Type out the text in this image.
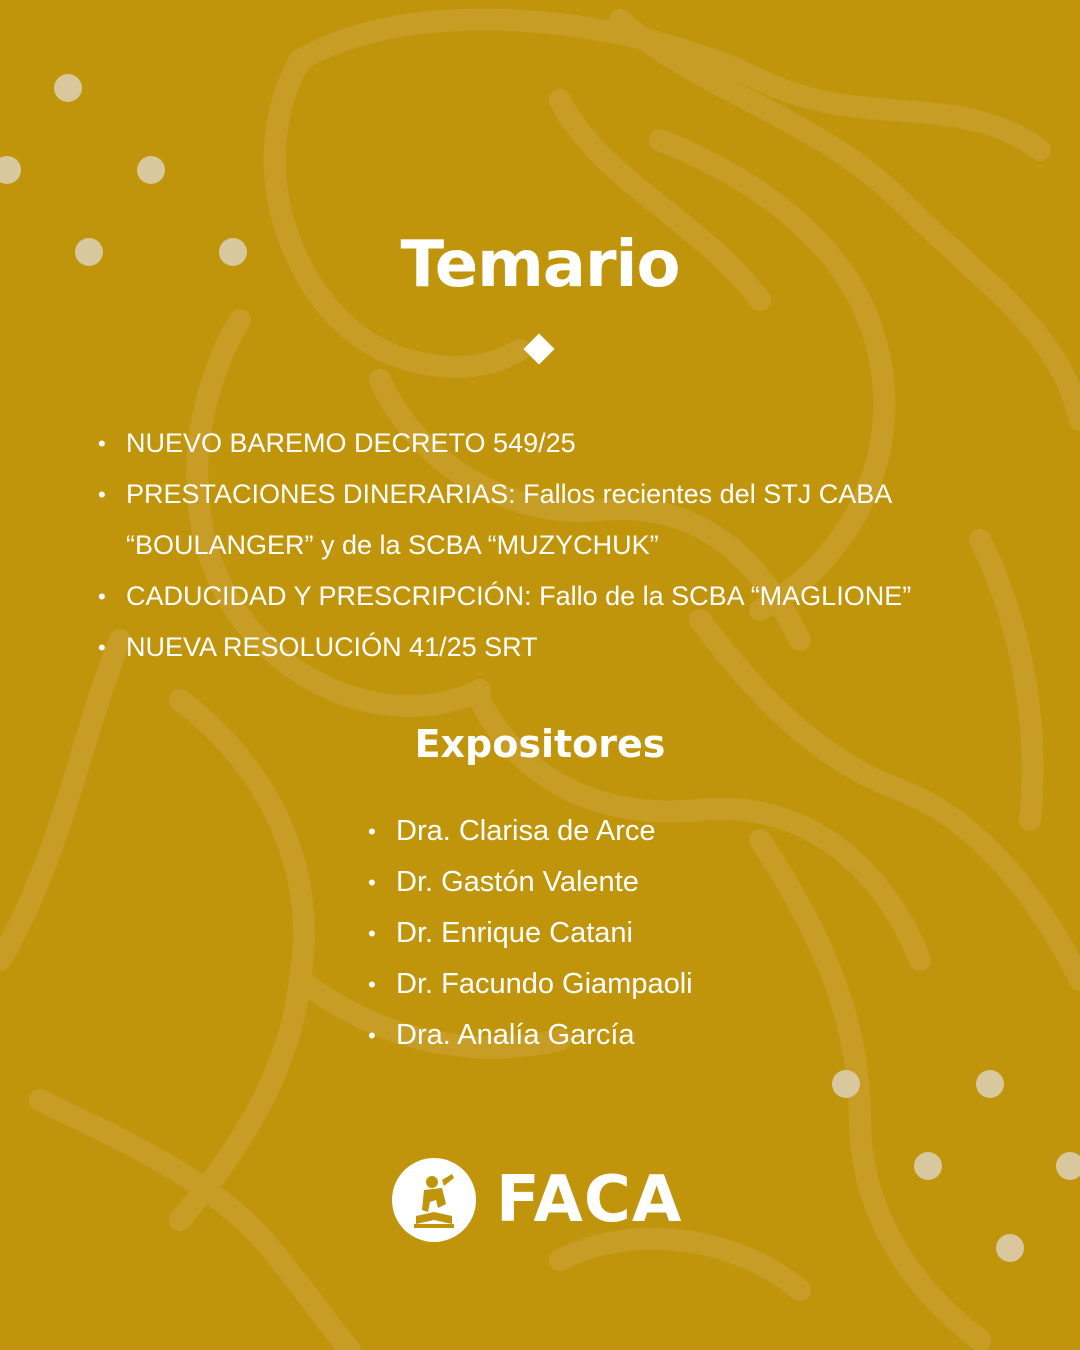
Temario
• NUEVO BAREMO DECRETO 549/25
• PRESTACIONES DINERARIAS: Fallos recientes del STJ CABA “BOULANGER” y de la SCBA “MUZYCHUK”
• CADUCIDAD Y PRESCRIPCIÓN: Fallo de la SCBA “MAGLIONE”
• NUEVA RESOLUCIÓN 41/25 SRT
Expositores
• Dra. Clarisa de Arce
• Dr. Gastón Valente
• Dr. Enrique Catani
• Dr. Facundo Giampaoli
• Dra. Analía García
FACA
